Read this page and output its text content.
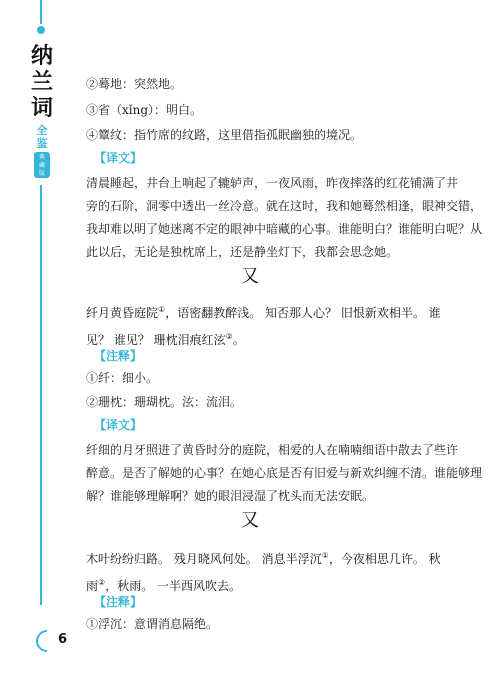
纳
兰
词
全
鉴
典
藏
版
6
②蓦地：突然地。
③省（xǐng）：明白。
④簟纹：指竹席的纹路，这里借指孤眠幽独的境况。
【译文】
清晨睡起，井台上响起了辘轳声，一夜风雨，昨夜摔落的红花铺满了井
旁的石阶，洞零中透出一丝冷意。就在这时，我和她蓦然相逢，眼神交错，
我却难以明了她迷离不定的眼神中暗藏的心事。谁能明白？谁能明白呢？从
此以后，无论是独枕席上，还是静坐灯下，我都会思念她。
又
纤月黄昏庭院①，语密翻教醉浅。 知否那人心？ 旧恨新欢相半。 谁
见？ 谁见？ 珊枕泪痕红泫②。
【注释】
①纤：细小。
②珊枕：珊瑚枕。泫：流泪。
【译文】
纤细的月牙照进了黄昏时分的庭院，相爱的人在喃喃细语中散去了些许
醉意。是否了解她的心事？在她心底是否有旧爱与新欢纠缠不清。谁能够理
解？谁能够理解啊？她的眼泪浸湿了枕头而无法安眠。
又
木叶纷纷归路。 残月晓风何处。 消息半浮沉①，今夜相思几许。 秋
雨②，秋雨。 一半西风吹去。
【注释】
①浮沉：意谓消息隔绝。
